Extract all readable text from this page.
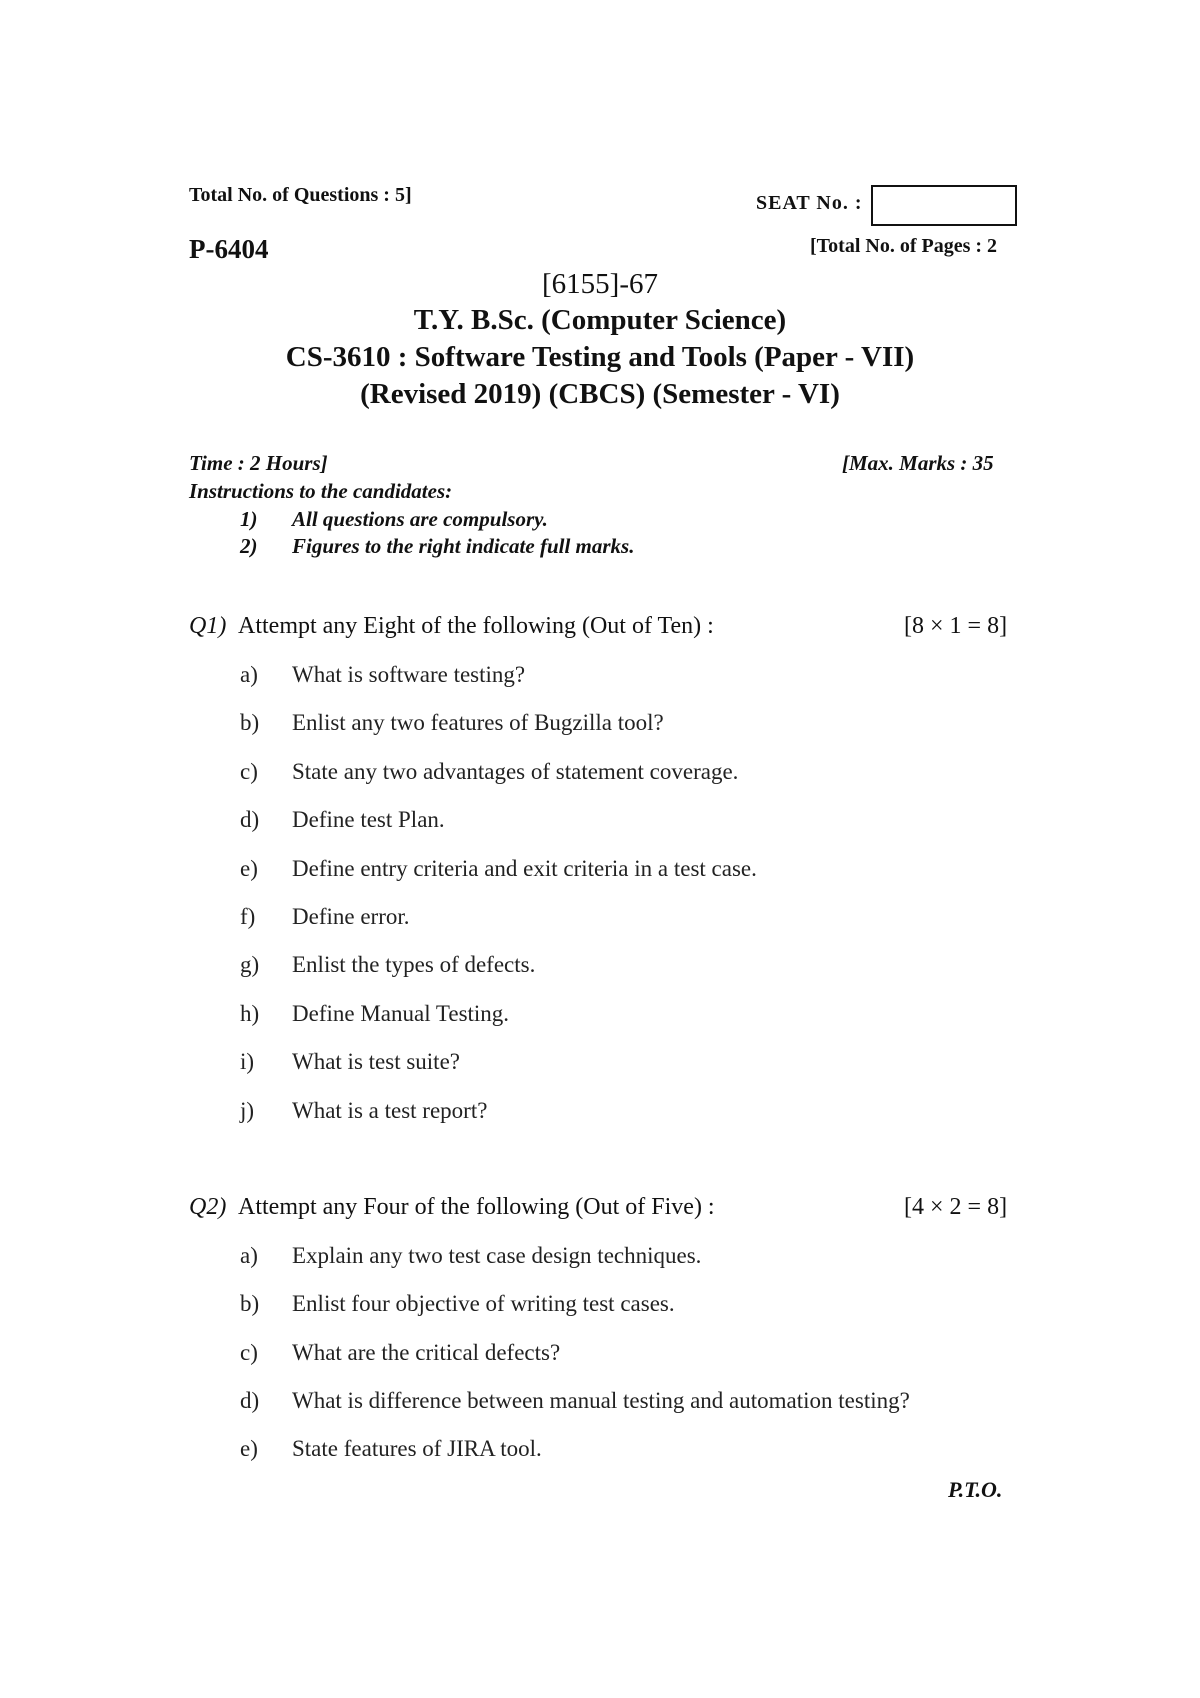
Total No. of Questions : 5]	SEAT No. :
P-6404	[Total No. of Pages : 2
[6155]-67
T.Y. B.Sc. (Computer Science)
CS-3610 : Software Testing and Tools (Paper - VII)
(Revised 2019) (CBCS) (Semester - VI)
Time : 2 Hours]	[Max. Marks : 35
Instructions to the candidates:
1) All questions are compulsory.
2) Figures to the right indicate full marks.
Q1) Attempt any Eight of the following (Out of Ten) :	[8 × 1 = 8]
a) What is software testing?
b) Enlist any two features of Bugzilla tool?
c) State any two advantages of statement coverage.
d) Define test Plan.
e) Define entry criteria and exit criteria in a test case.
f) Define error.
g) Enlist the types of defects.
h) Define Manual Testing.
i) What is test suite?
j) What is a test report?
Q2) Attempt any Four of the following (Out of Five) :	[4 × 2 = 8]
a) Explain any two test case design techniques.
b) Enlist four objective of writing test cases.
c) What are the critical defects?
d) What is difference between manual testing and automation testing?
e) State features of JIRA tool.
P.T.O.
